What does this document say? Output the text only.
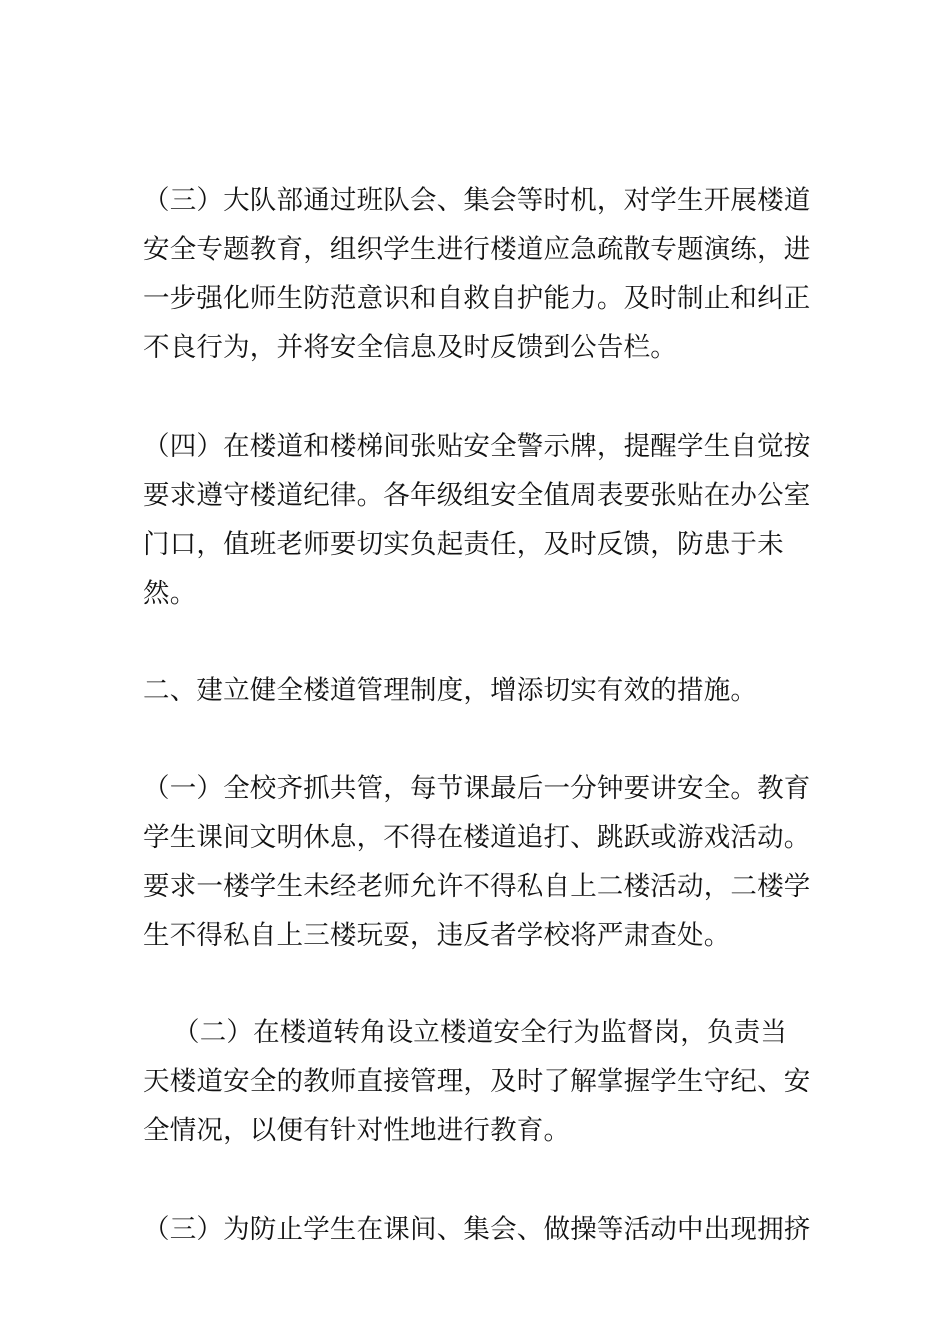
（三）大队部通过班队会、集会等时机，对学生开展楼道安全专题教育，组织学生进行楼道应急疏散专题演练，进一步强化师生防范意识和自救自护能力。及时制止和纠正不良行为，并将安全信息及时反馈到公告栏。

（四）在楼道和楼梯间张贴安全警示牌，提醒学生自觉按要求遵守楼道纪律。各年级组安全值周表要张贴在办公室门口，值班老师要切实负起责任，及时反馈，防患于未然。

二、建立健全楼道管理制度，增添切实有效的措施。

（一）全校齐抓共管，每节课最后一分钟要讲安全。教育学生课间文明休息，不得在楼道追打、跳跃或游戏活动。要求一楼学生未经老师允许不得私自上二楼活动，二楼学生不得私自上三楼玩耍，违反者学校将严肃查处。

（二）在楼道转角设立楼道安全行为监督岗，负责当天楼道安全的教师直接管理，及时了解掌握学生守纪、安全情况，以便有针对性地进行教育。

（三）为防止学生在课间、集会、做操等活动中出现拥挤
